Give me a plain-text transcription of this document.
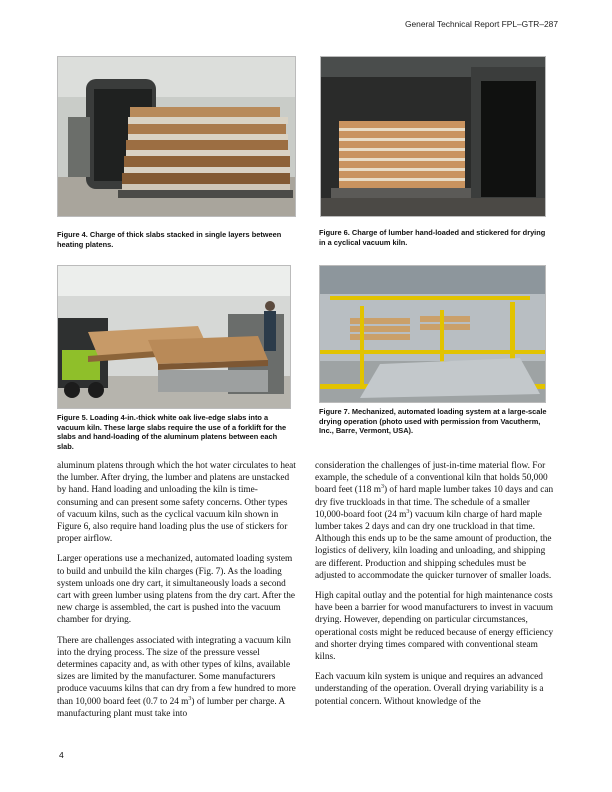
General Technical Report FPL–GTR–287
Figure 4. Charge of thick slabs stacked in single layers between heating platens.
Figure 6. Charge of lumber hand-loaded and stickered for drying in a cyclical vacuum kiln.
Figure 5. Loading 4-in.-thick white oak live-edge slabs into a vacuum kiln. These large slabs require the use of a forklift for the slabs and hand-loading of the aluminum platens between each slab.
Figure 7. Mechanized, automated loading system at a large-scale drying operation (photo used with permission from Vacutherm, Inc., Barre, Vermont, USA).

aluminum platens through which the hot water circulates to heat the lumber. After drying, the lumber and platens are unstacked by hand. Hand loading and unloading the kiln is time-consuming and can present some safety concerns. Other types of vacuum kilns, such as the cyclical vacuum kiln shown in Figure 6, also require hand loading plus the use of stickers for proper airflow.

Larger operations use a mechanized, automated loading system to build and unbuild the kiln charges (Fig. 7). As the loading system unloads one dry cart, it simultaneously loads a second cart with green lumber using platens from the dry cart. After the new charge is assembled, the cart is pushed into the vacuum chamber for drying.

There are challenges associated with integrating a vacuum kiln into the drying process. The size of the pressure vessel determines capacity and, as with other types of kilns, available sizes are limited by the manufacturer. Some manufacturers produce vacuums kilns that can dry from a few hundred to more than 10,000 board feet (0.7 to 24 $m^3$) of lumber per charge. A manufacturing plant must take into

consideration the challenges of just-in-time material flow. For example, the schedule of a conventional kiln that holds 50,000 board feet (118 $m^3$) of hard maple lumber takes 10 days and can dry five truckloads in that time. The schedule of a smaller 10,000-board foot (24 $m^3$) vacuum kiln charge of hard maple lumber takes 2 days and can dry one truckload in that time. Although this ends up to be the same amount of production, the logistics of delivery, kiln loading and unloading, and shipping are different. Production and shipping schedules must be adjusted to accommodate the quicker turnover of smaller loads.

High capital outlay and the potential for high maintenance costs have been a barrier for wood manufacturers to invest in vacuum drying. However, depending on particular circumstances, operational costs might be reduced because of energy efficiency and shorter drying times compared with conventional steam kilns.

Each vacuum kiln system is unique and requires an advanced understanding of the operation. Overall drying variability is a potential concern. Without knowledge of the

4
